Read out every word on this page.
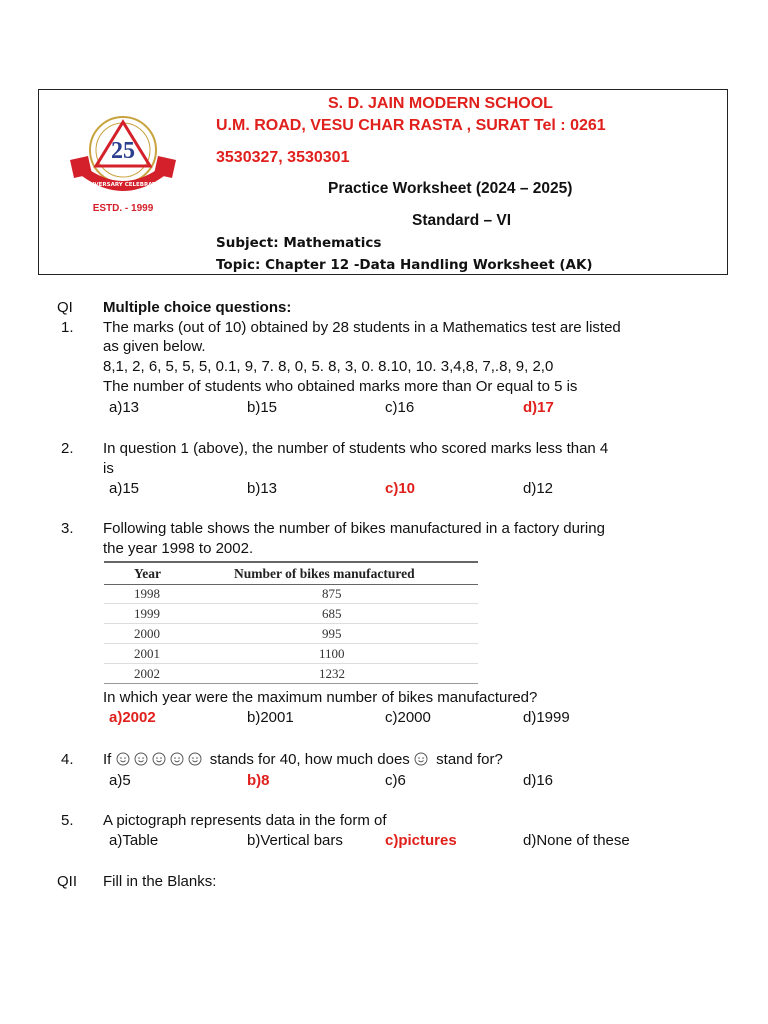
25
ANNIVERSARY CELEBRATION
ESTD. - 1999
S. D. JAIN MODERN SCHOOL
U.M. ROAD, VESU CHAR RASTA , SURAT Tel : 0261
3530327, 3530301
Practice Worksheet (2024 – 2025)
Standard – VI
Subject: Mathematics
Topic: Chapter 12 -Data Handling Worksheet (AK)
QI Multiple choice questions:
1. The marks (out of 10) obtained by 28 students in a Mathematics test are listed
as given below.
8,1, 2, 6, 5, 5, 5, 0.1, 9, 7. 8, 0, 5. 8, 3, 0. 8.10, 10. 3,4,8, 7,.8, 9, 2,0
The number of students who obtained marks more than Or equal to 5 is
a)13	b)15	c)16	d)17
2. In question 1 (above), the number of students who scored marks less than 4
is
a)15	b)13	c)10	d)12
3. Following table shows the number of bikes manufactured in a factory during
the year 1998 to 2002.
Year	Number of bikes manufactured
1998	875
1999	685
2000	995
2001	1100
2002	1232
In which year were the maximum number of bikes manufactured?
a)2002	b)2001	c)2000	d)1999
4. If	stands for 40, how much does stand for?
a)5	b)8	c)6	d)16
5. A pictograph represents data in the form of
a)Table	b)Vertical bars	c)pictures	d)None of these
QII Fill in the Blanks:
